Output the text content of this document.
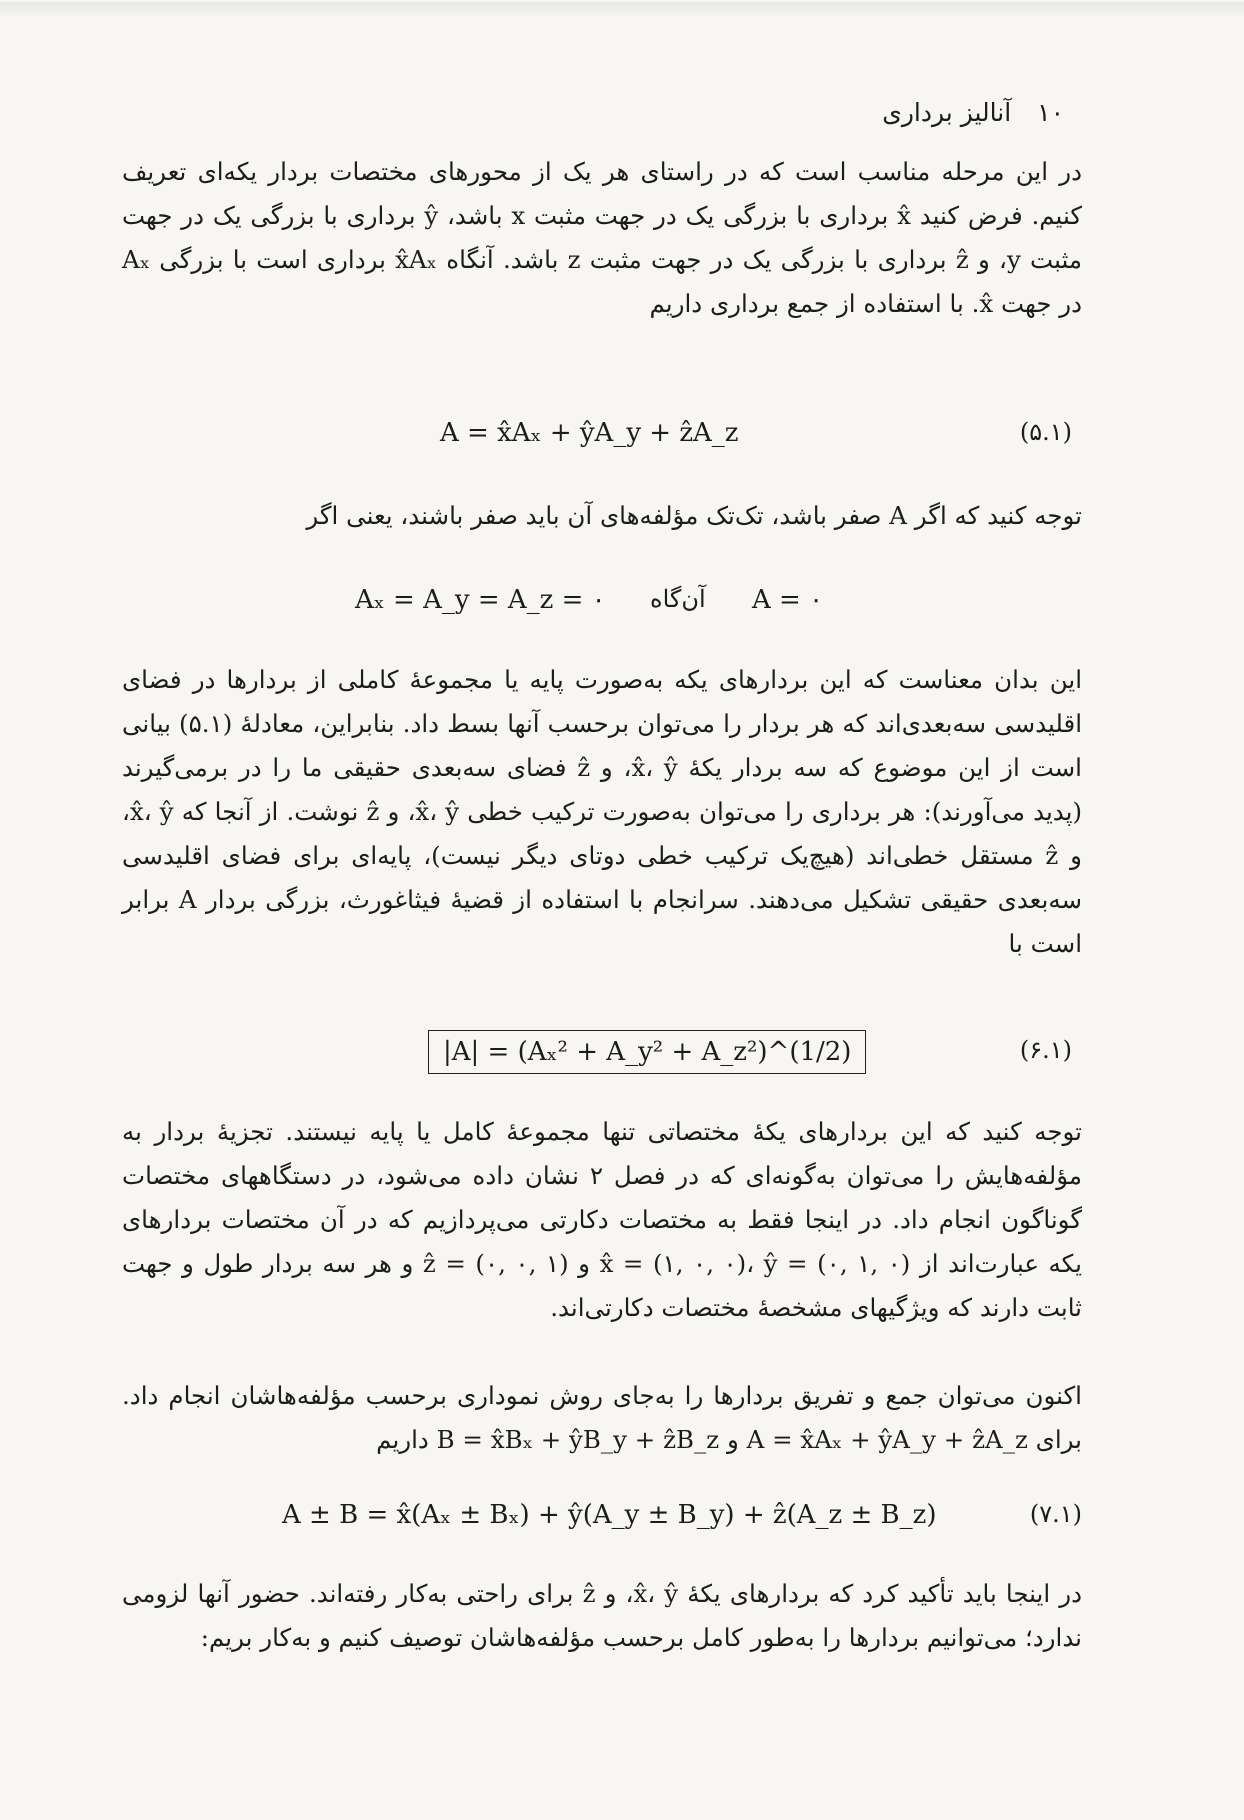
۱۰ آنالیز برداری
در این مرحله مناسب است که در راستای هر یک از محورهای مختصات بردار یکه‌ای تعریف کنیم. فرض کنید x̂ برداری با بزرگی یک در جهت مثبت x باشد، ŷ برداری با بزرگی یک در جهت مثبت y، و ẑ برداری با بزرگی یک در جهت مثبت z باشد. آنگاه x̂Aₓ برداری است با بزرگی Aₓ در جهت x̂. با استفاده از جمع برداری داریم
A = x̂Aₓ + ŷA_y + ẑA_z	(۵.۱)
توجه کنید که اگر A صفر باشد، تک‌تک مؤلفه‌های آن باید صفر باشند، یعنی اگر
Aₓ = A_y = A_z = ۰ آن‌گاه A = ۰
این بدان معناست که این بردارهای یکه به‌صورت پایه یا مجموعهٔ کاملی از بردارها در فضای اقلیدسی سه‌بعدی‌اند که هر بردار را می‌توان برحسب آنها بسط داد. بنابراین، معادلهٔ (۵.۱) بیانی است از این موضوع که سه بردار یکهٔ x̂، ŷ، و ẑ فضای سه‌بعدی حقیقی ما را در برمی‌گیرند (پدید می‌آورند): هر برداری را می‌توان به‌صورت ترکیب خطی x̂، ŷ، و ẑ نوشت. از آنجا که x̂، ŷ، و ẑ مستقل خطی‌اند (هیچ‌یک ترکیب خطی دوتای دیگر نیست)، پایه‌ای برای فضای اقلیدسی سه‌بعدی حقیقی تشکیل می‌دهند. سرانجام با استفاده از قضیهٔ فیثاغورث، بزرگی بردار A برابر است با
|A| = (Aₓ² + A_y² + A_z²)^(1/2)	(۶.۱)
توجه کنید که این بردارهای یکهٔ مختصاتی تنها مجموعهٔ کامل یا پایه نیستند. تجزیهٔ بردار به مؤلفه‌هایش را می‌توان به‌گونه‌ای که در فصل ۲ نشان داده می‌شود، در دستگاههای مختصات گوناگون انجام داد. در اینجا فقط به مختصات دکارتی می‌پردازیم که در آن مختصات بردارهای یکه عبارت‌اند از x̂ = (۱, ۰, ۰)، ŷ = (۰, ۱, ۰) و ẑ = (۰, ۰, ۱) و هر سه بردار طول و جهت ثابت دارند که ویژگیهای مشخصهٔ مختصات دکارتی‌اند.
اکنون می‌توان جمع و تفریق بردارها را به‌جای روش نموداری برحسب مؤلفه‌هاشان انجام داد. برای A = x̂Aₓ + ŷA_y + ẑA_z و B = x̂Bₓ + ŷB_y + ẑB_z داریم
A ± B = x̂(Aₓ ± Bₓ) + ŷ(A_y ± B_y) + ẑ(A_z ± B_z)	(۷.۱)
در اینجا باید تأکید کرد که بردارهای یکهٔ x̂، ŷ، و ẑ برای راحتی به‌کار رفته‌اند. حضور آنها لزومی ندارد؛ می‌توانیم بردارها را به‌طور کامل برحسب مؤلفه‌هاشان توصیف کنیم و به‌کار بریم:
